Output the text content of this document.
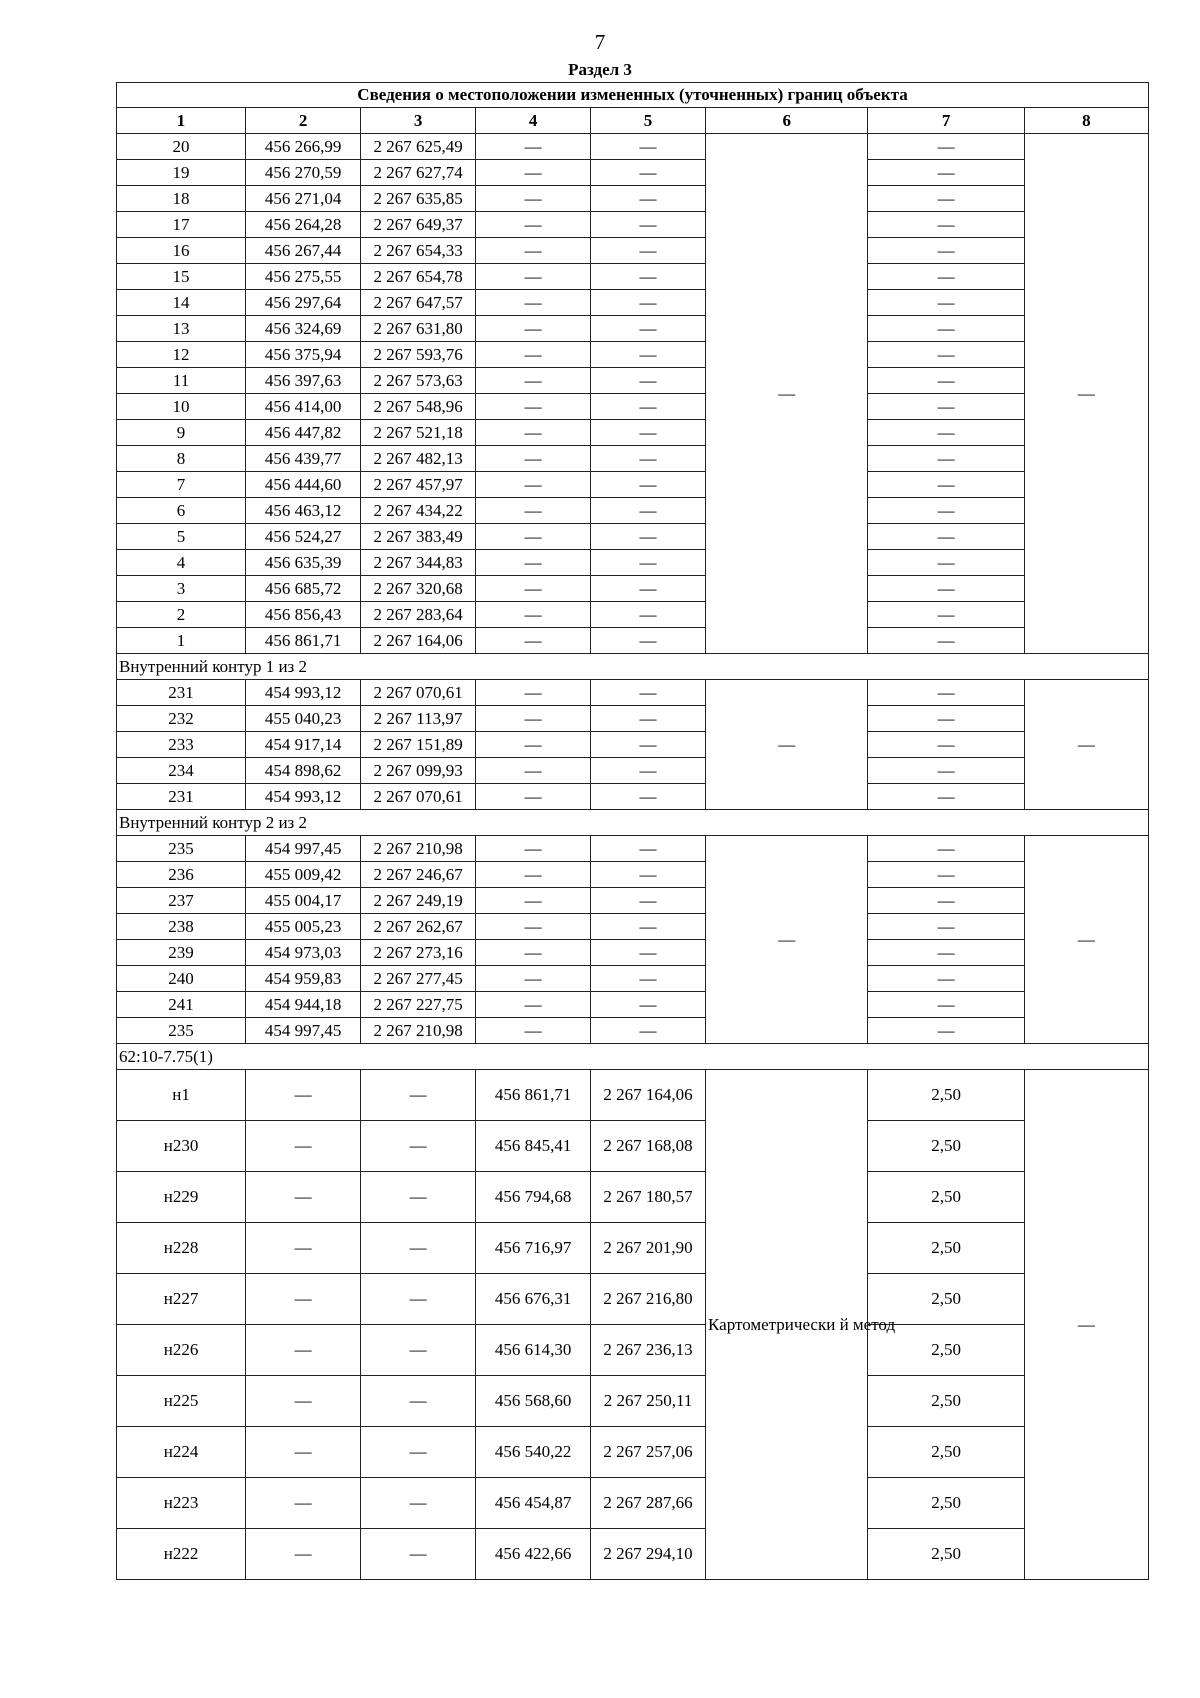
7
Раздел 3
Сведения о местоположении измененных (уточненных) границ объекта							
1	2	3	4	5	6	7	8
20	456 266,99	2 267 625,49	—	—	—	—	—
19	456 270,59	2 267 627,74	—	—		—	
18	456 271,04	2 267 635,85	—	—		—	
17	456 264,28	2 267 649,37	—	—		—	
16	456 267,44	2 267 654,33	—	—		—	
15	456 275,55	2 267 654,78	—	—		—	
14	456 297,64	2 267 647,57	—	—		—	
13	456 324,69	2 267 631,80	—	—		—	
12	456 375,94	2 267 593,76	—	—		—	
11	456 397,63	2 267 573,63	—	—		—	
10	456 414,00	2 267 548,96	—	—		—	
9	456 447,82	2 267 521,18	—	—		—	
8	456 439,77	2 267 482,13	—	—		—	
7	456 444,60	2 267 457,97	—	—		—	
6	456 463,12	2 267 434,22	—	—		—	
5	456 524,27	2 267 383,49	—	—		—	
4	456 635,39	2 267 344,83	—	—		—	
3	456 685,72	2 267 320,68	—	—		—	
2	456 856,43	2 267 283,64	—	—		—	
1	456 861,71	2 267 164,06	—	—		—	
Внутренний контур 1 из 2							
231	454 993,12	2 267 070,61	—	—	—	—	—
232	455 040,23	2 267 113,97	—	—		—	
233	454 917,14	2 267 151,89	—	—		—	
234	454 898,62	2 267 099,93	—	—		—	
231	454 993,12	2 267 070,61	—	—		—	
Внутренний контур 2 из 2							
235	454 997,45	2 267 210,98	—	—	—	—	—
236	455 009,42	2 267 246,67	—	—		—	
237	455 004,17	2 267 249,19	—	—		—	
238	455 005,23	2 267 262,67	—	—		—	
239	454 973,03	2 267 273,16	—	—		—	
240	454 959,83	2 267 277,45	—	—		—	
241	454 944,18	2 267 227,75	—	—		—	
235	454 997,45	2 267 210,98	—	—		—	
62:10-7.75(1)							
н1	—	—	456 861,71	2 267 164,06	Картометрически й метод	2,50	—
н230	—	—	456 845,41	2 267 168,08		2,50	
н229	—	—	456 794,68	2 267 180,57		2,50	
н228	—	—	456 716,97	2 267 201,90		2,50	
н227	—	—	456 676,31	2 267 216,80		2,50	
н226	—	—	456 614,30	2 267 236,13		2,50	
н225	—	—	456 568,60	2 267 250,11		2,50	
н224	—	—	456 540,22	2 267 257,06		2,50	
н223	—	—	456 454,87	2 267 287,66		2,50	
н222	—	—	456 422,66	2 267 294,10		2,50	
